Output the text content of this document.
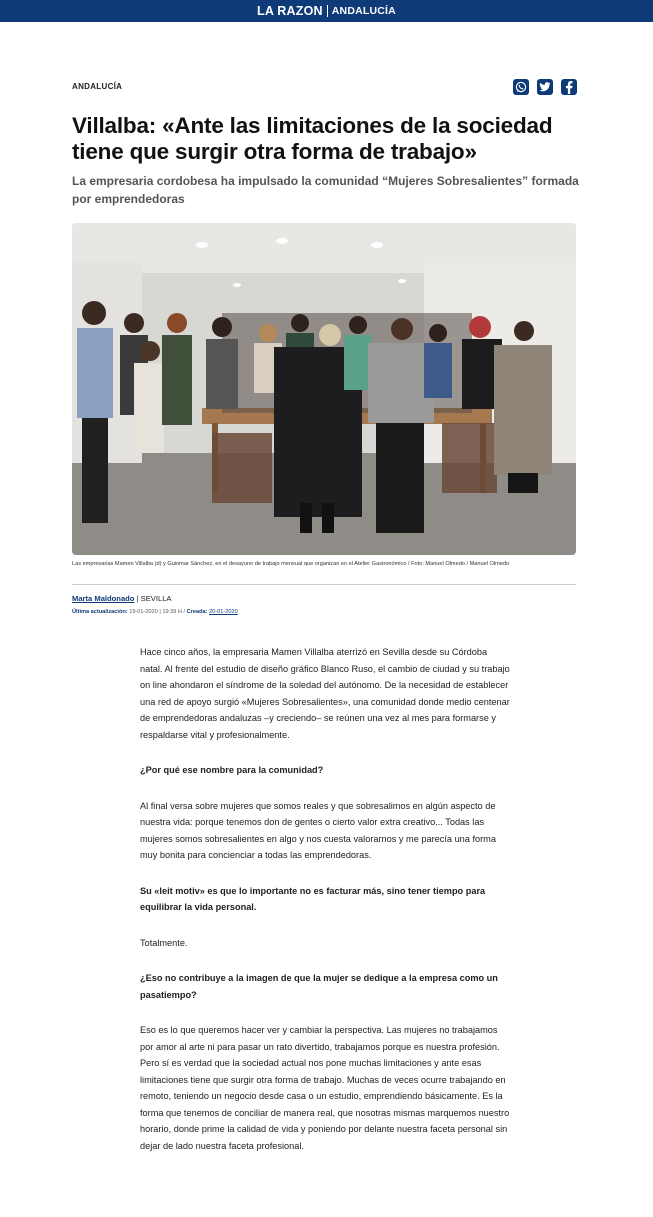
LA RAZON ANDALUCÍA
ANDALUCÍA
Villalba: «Ante las limitaciones de la sociedad tiene que surgir otra forma de trabajo»
La empresaria cordobesa ha impulsado la comunidad “Mujeres Sobresalientes” formada por emprendedoras
Las empresarias Mamen Villalba (d) y Guiomar Sánchez, en el desayuno de trabajo mensual que organizan en el Atelier Gastronómico / Foto: Manuel Olmedo / Manuel Olmedo
Marta Maldonado | SEVILLA
Última actualización: 19-01-2020 | 19:39 H / Creada: 20-01-2020

Hace cinco años, la empresaria Mamen Villalba aterrizó en Sevilla desde su Córdoba natal. Al frente del estudio de diseño gráfico Blanco Ruso, el cambio de ciudad y su trabajo on line ahondaron el síndrome de la soledad del autónomo. De la necesidad de establecer una red de apoyo surgió «Mujeres Sobresalientes», una comunidad donde medio centenar de emprendedoras andaluzas –y creciendo– se reúnen una vez al mes para formarse y respaldarse vital y profesionalmente.

¿Por qué ese nombre para la comunidad?

Al final versa sobre mujeres que somos reales y que sobresalimos en algún aspecto de nuestra vida: porque tenemos don de gentes o cierto valor extra creativo... Todas las mujeres somos sobresalientes en algo y nos cuesta valorarnos y me parecía una forma muy bonita para concienciar a todas las emprendedoras.

Su «leit motiv» es que lo importante no es facturar más, sino tener tiempo para equilibrar la vida personal.

Totalmente.

¿Eso no contribuye a la imagen de que la mujer se dedique a la empresa como un pasatiempo?

Eso es lo que queremos hacer ver y cambiar la perspectiva. Las mujeres no trabajamos por amor al arte ni para pasar un rato divertido, trabajamos porque es nuestra profesión. Pero sí es verdad que la sociedad actual nos pone muchas limitaciones y ante esas limitaciones tiene que surgir otra forma de trabajo. Muchas de veces ocurre trabajando en remoto, teniendo un negocio desde casa o un estudio, emprendiendo básicamente. Es la forma que tenemos de conciliar de manera real, que nosotras mismas marquemos nuestro horario, donde prime la calidad de vida y poniendo por delante nuestra faceta personal sin dejar de lado nuestra faceta profesional.
